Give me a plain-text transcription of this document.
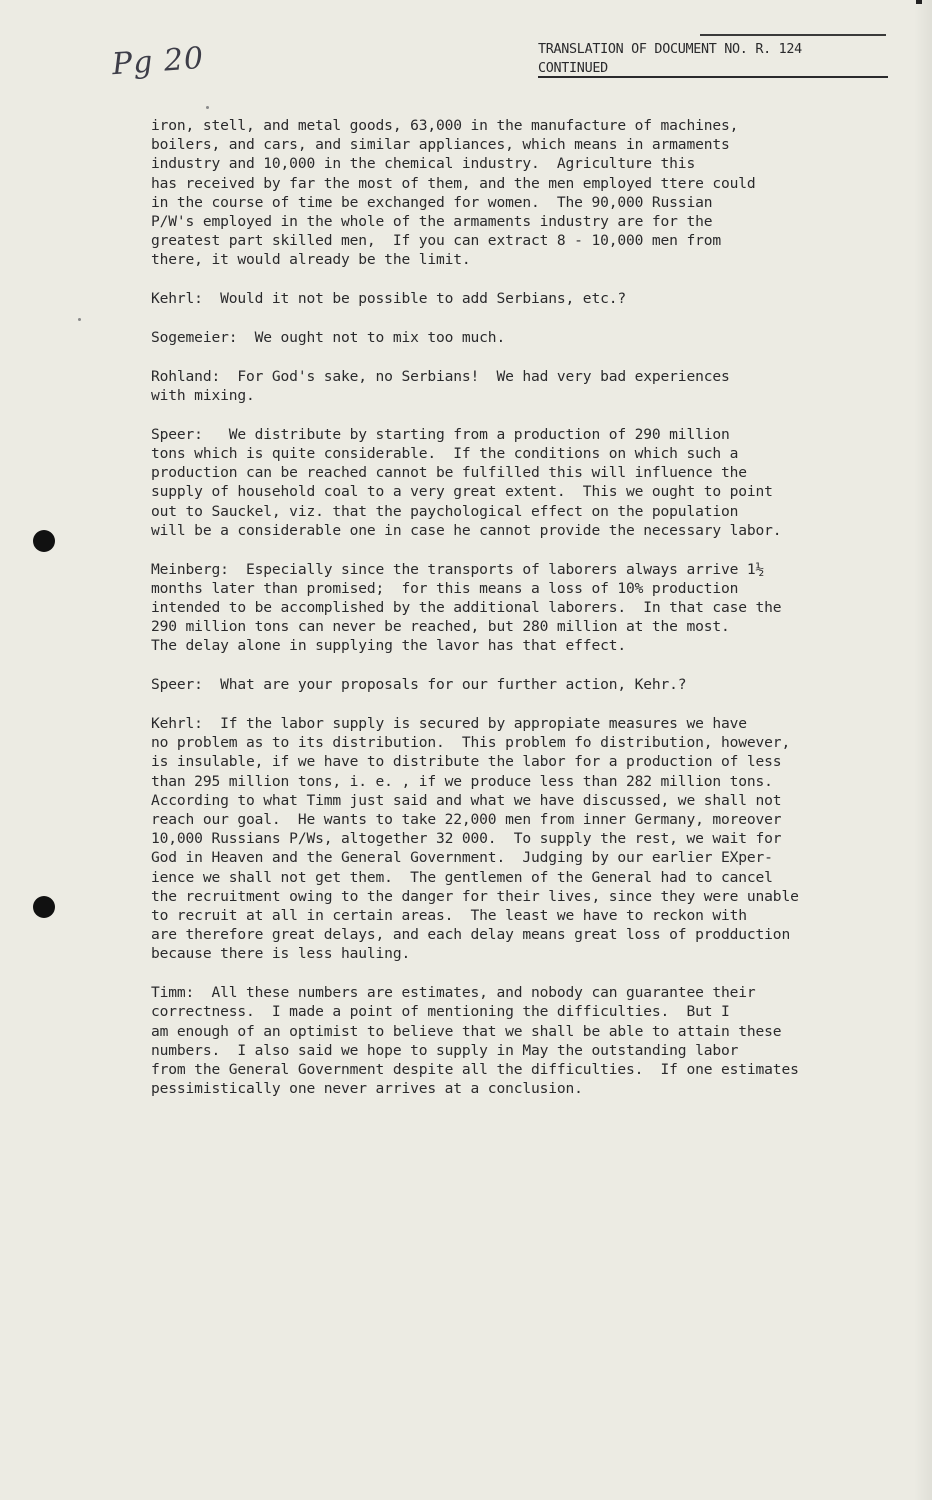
Pg 20	TRANSLATION OF DOCUMENT NO. R. 124
CONTINUED
iron, stell, and metal goods, 63,000 in the manufacture of machines,
boilers, and cars, and similar appliances, which means in armaments
industry and 10,000 in the chemical industry.  Agriculture this
has received by far the most of them, and the men employed ttere could
in the course of time be exchanged for women.  The 90,000 Russian
P/W's employed in the whole of the armaments industry are for the
greatest part skilled men,  If you can extract 8 - 10,000 men from
there, it would already be the limit.
Kehrl:  Would it not be possible to add Serbians, etc.?
Sogemeier:  We ought not to mix too much.
Rohland:  For God's sake, no Serbians!  We had very bad experiences
with mixing.
Speer:   We distribute by starting from a production of 290 million
tons which is quite considerable.  If the conditions on which such a
production can be reached cannot be fulfilled this will influence the
supply of household coal to a very great extent.  This we ought to point
out to Sauckel, viz. that the paychological effect on the population
will be a considerable one in case he cannot provide the necessary labor.
Meinberg:  Especially since the transports of laborers always arrive 1½
months later than promised;  for this means a loss of 10% production
intended to be accomplished by the additional laborers.  In that case the
290 million tons can never be reached, but 280 million at the most.
The delay alone in supplying the lavor has that effect.
Speer:  What are your proposals for our further action, Kehr.?
Kehrl:  If the labor supply is secured by appropiate measures we have
no problem as to its distribution.  This problem fo distribution, however,
is insulable, if we have to distribute the labor for a production of less
than 295 million tons, i. e. , if we produce less than 282 million tons.
According to what Timm just said and what we have discussed, we shall not
reach our goal.  He wants to take 22,000 men from inner Germany, moreover
10,000 Russians P/Ws, altogether 32 000.  To supply the rest, we wait for
God in Heaven and the General Government.  Judging by our earlier EXper-
ience we shall not get them.  The gentlemen of the General had to cancel
the recruitment owing to the danger for their lives, since they were unable
to recruit at all in certain areas.  The least we have to reckon with
are therefore great delays, and each delay means great loss of prodduction
because there is less hauling.
Timm:  All these numbers are estimates, and nobody can guarantee their
correctness.  I made a point of mentioning the difficulties.  But I
am enough of an optimist to believe that we shall be able to attain these
numbers.  I also said we hope to supply in May the outstanding labor
from the General Government despite all the difficulties.  If one estimates
pessimistically one never arrives at a conclusion.
